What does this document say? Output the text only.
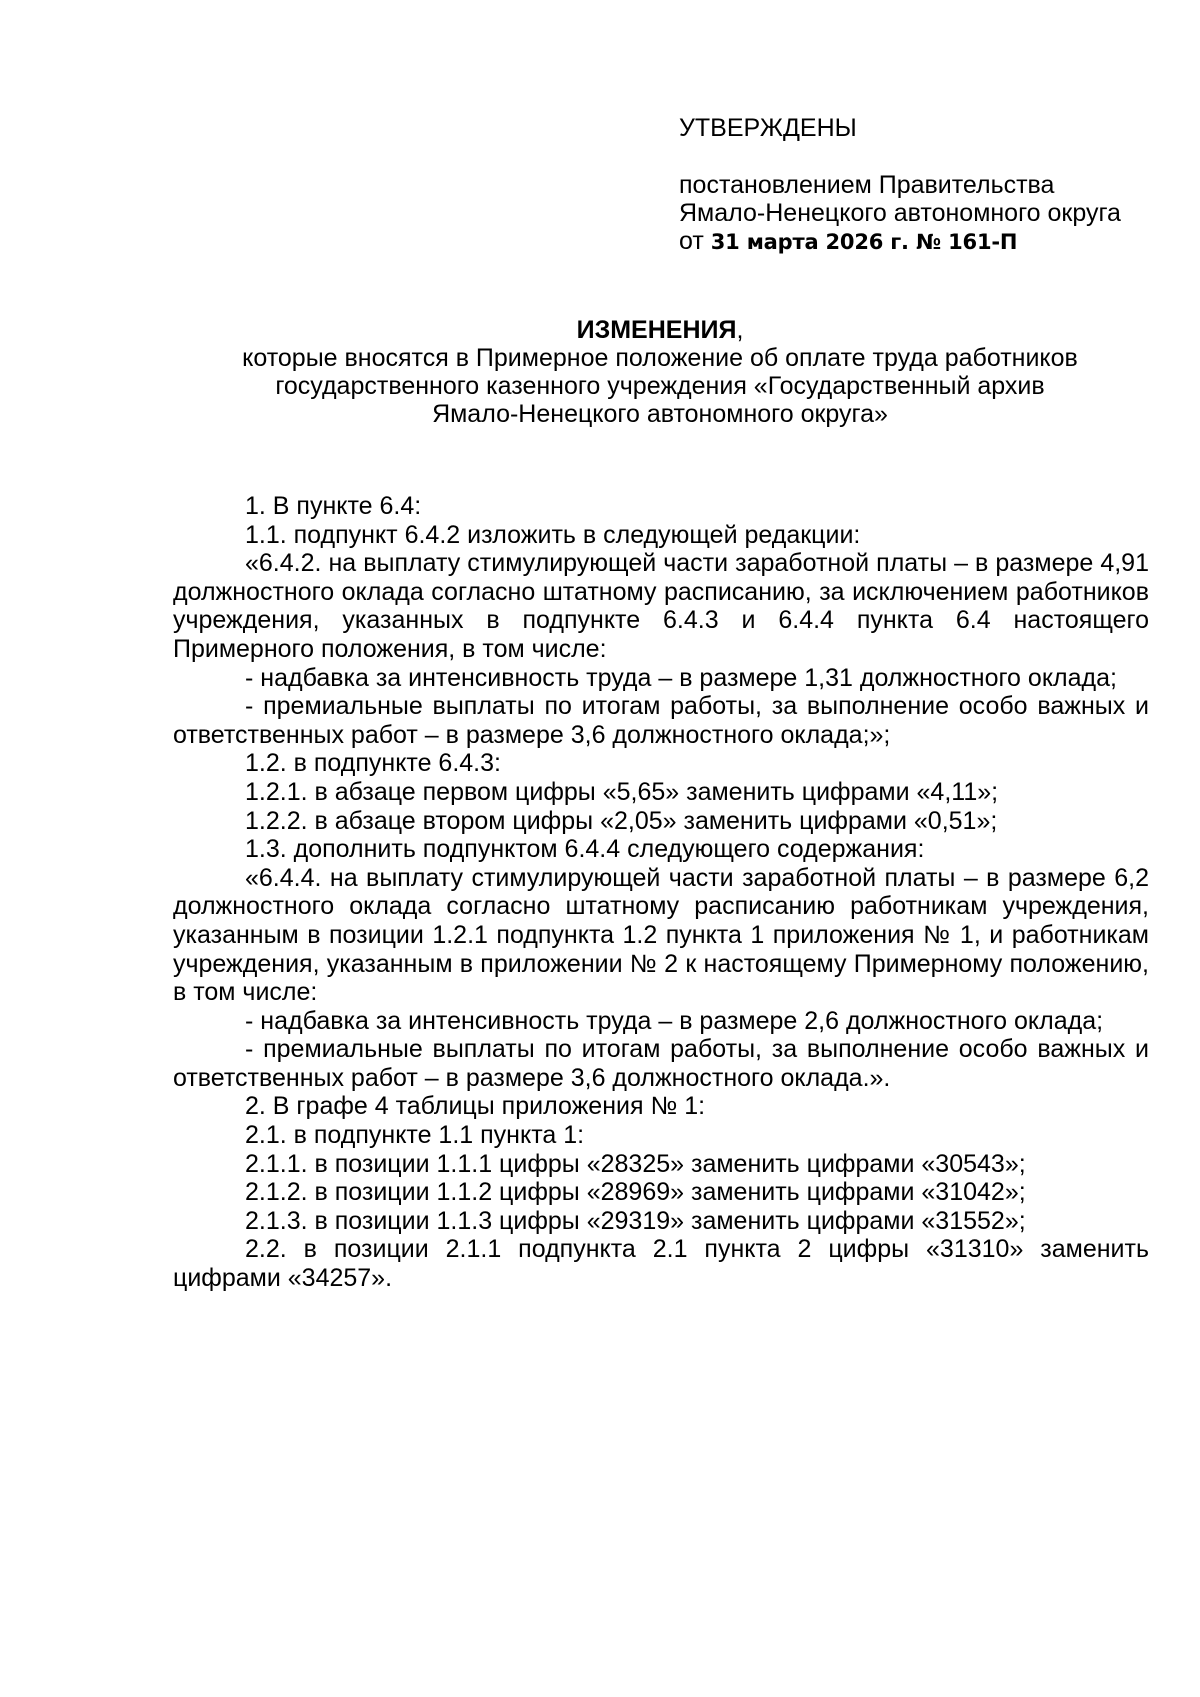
УТВЕРЖДЕНЫ
постановлением Правительства
Ямало-Ненецкого автономного округа
от 31 марта 2026 г. № 161-П
ИЗМЕНЕНИЯ,
которые вносятся в Примерное положение об оплате труда работников
государственного казенного учреждения «Государственный архив
Ямало-Ненецкого автономного округа»

1. В пункте 6.4:

1.1. подпункт 6.4.2 изложить в следующей редакции:

«6.4.2. на выплату стимулирующей части заработной платы – в размере 4,91 должностного оклада согласно штатному расписанию, за исключением работников учреждения, указанных в подпункте 6.4.3 и 6.4.4 пункта 6.4 настоящего Примерного положения, в том числе:

- надбавка за интенсивность труда – в размере 1,31 должностного оклада;

- премиальные выплаты по итогам работы, за выполнение особо важных и ответственных работ – в размере 3,6 должностного оклада;»;

1.2. в подпункте 6.4.3:

1.2.1. в абзаце первом цифры «5,65» заменить цифрами «4,11»;

1.2.2. в абзаце втором цифры «2,05» заменить цифрами «0,51»;

1.3. дополнить подпунктом 6.4.4 следующего содержания:

«6.4.4. на выплату стимулирующей части заработной платы – в размере 6,2 должностного оклада согласно штатному расписанию работникам учреждения, указанным в позиции 1.2.1 подпункта 1.2 пункта 1 приложения № 1, и работникам учреждения, указанным в приложении № 2 к настоящему Примерному положению, в том числе:

- надбавка за интенсивность труда – в размере 2,6 должностного оклада;

- премиальные выплаты по итогам работы, за выполнение особо важных и ответственных работ – в размере 3,6 должностного оклада.».

2. В графе 4 таблицы приложения № 1:

2.1. в подпункте 1.1 пункта 1:

2.1.1. в позиции 1.1.1 цифры «28325» заменить цифрами «30543»;

2.1.2. в позиции 1.1.2 цифры «28969» заменить цифрами «31042»;

2.1.3. в позиции 1.1.3 цифры «29319» заменить цифрами «31552»;

2.2. в позиции 2.1.1 подпункта 2.1 пункта 2 цифры «31310» заменить цифрами «34257».
